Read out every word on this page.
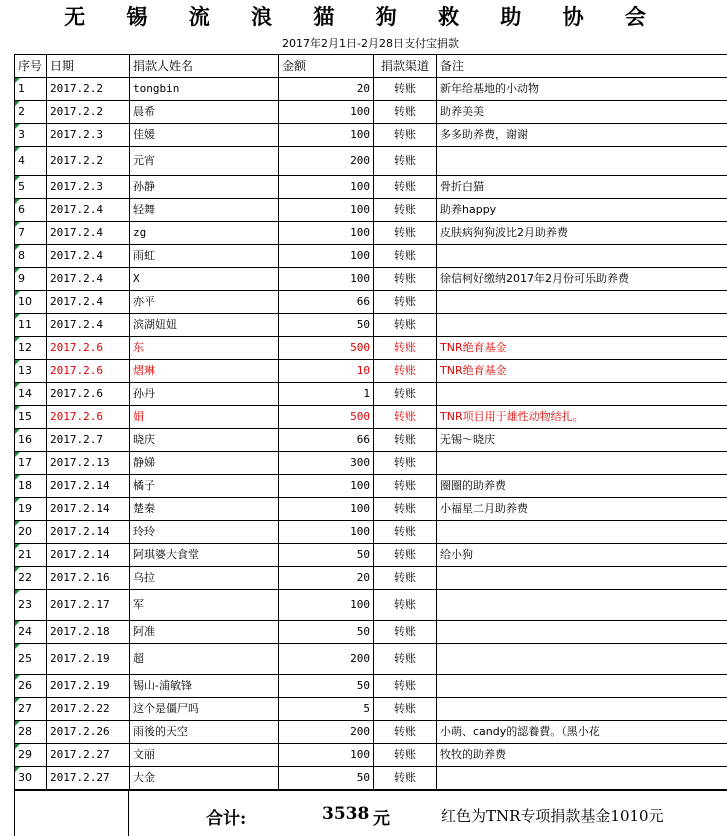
无 锡 流 浪 猫 狗 救 助 协 会
2017年2月1日-2月28日支付宝捐款
序号	日期	捐款人姓名	金额	捐款渠道	备注
1	2017.2.2	tongbin	20	转账	新年给基地的小动物
2	2017.2.2	晨希	100	转账	助养美美
3	2017.2.3	佳媛	100	转账	多多助养费，谢谢
4	2017.2.2	元宵	200	转账	
5	2017.2.3	孙静	100	转账	骨折白猫
6	2017.2.4	轻舞	100	转账	助养happy
7	2017.2.4	zg	100	转账	皮肤病狗狗波比2月助养费
8	2017.2.4	雨虹	100	转账	
9	2017.2.4	X	100	转账	徐信柯好缴纳2017年2月份可乐助养费
10	2017.2.4	亦平	66	转账	
11	2017.2.4	滨湖妞妞	50	转账	
12	2017.2.6	东	500	转账	TNR绝育基金
13	2017.2.6	熠琳	10	转账	TNR绝育基金
14	2017.2.6	孙丹	1	转账	
15	2017.2.6	娟	500	转账	TNR项目用于雄性动物结扎。
16	2017.2.7	晓庆	66	转账	无锡～晓庆
17	2017.2.13	静娣	300	转账	
18	2017.2.14	橘子	100	转账	圈圈的助养费
19	2017.2.14	楚秦	100	转账	小福星二月助养费
20	2017.2.14	玲玲	100	转账	
21	2017.2.14	阿琪婆大食堂	50	转账	给小狗
22	2017.2.16	乌拉	20	转账	
23	2017.2.17	军	100	转账	
24	2017.2.18	阿准	50	转账	
25	2017.2.19	超	200	转账	
26	2017.2.19	锡山-浦敏锋	50	转账	
27	2017.2.22	这个是僵尸吗	5	转账	
28	2017.2.26	雨後的天空	200	转账	小萌、candy的認養費。（黑小花
29	2017.2.27	文丽	100	转账	牧牧的助养费
30	2017.2.27	大金	50	转账	
合计:	3538 元	红色为TNR专项捐款基金1010元
